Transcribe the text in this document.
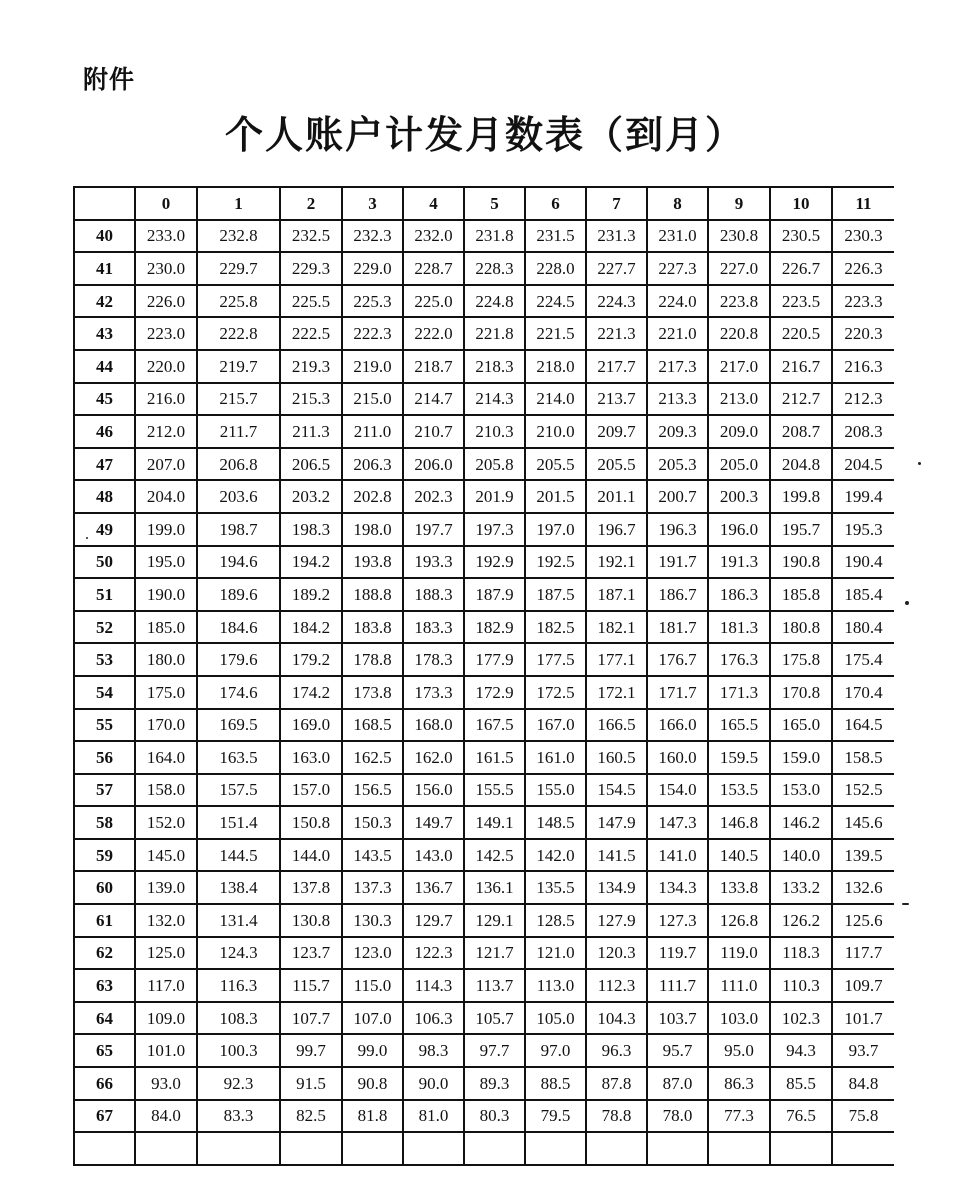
附件
个人账户计发月数表（到月）
	0	1	2	3	4	5	6	7	8	9	10	11
40	233.0	232.8	232.5	232.3	232.0	231.8	231.5	231.3	231.0	230.8	230.5	230.3
41	230.0	229.7	229.3	229.0	228.7	228.3	228.0	227.7	227.3	227.0	226.7	226.3
42	226.0	225.8	225.5	225.3	225.0	224.8	224.5	224.3	224.0	223.8	223.5	223.3
43	223.0	222.8	222.5	222.3	222.0	221.8	221.5	221.3	221.0	220.8	220.5	220.3
44	220.0	219.7	219.3	219.0	218.7	218.3	218.0	217.7	217.3	217.0	216.7	216.3
45	216.0	215.7	215.3	215.0	214.7	214.3	214.0	213.7	213.3	213.0	212.7	212.3
46	212.0	211.7	211.3	211.0	210.7	210.3	210.0	209.7	209.3	209.0	208.7	208.3
47	207.0	206.8	206.5	206.3	206.0	205.8	205.5	205.5	205.3	205.0	204.8	204.5
48	204.0	203.6	203.2	202.8	202.3	201.9	201.5	201.1	200.7	200.3	199.8	199.4
49	199.0	198.7	198.3	198.0	197.7	197.3	197.0	196.7	196.3	196.0	195.7	195.3
50	195.0	194.6	194.2	193.8	193.3	192.9	192.5	192.1	191.7	191.3	190.8	190.4
51	190.0	189.6	189.2	188.8	188.3	187.9	187.5	187.1	186.7	186.3	185.8	185.4
52	185.0	184.6	184.2	183.8	183.3	182.9	182.5	182.1	181.7	181.3	180.8	180.4
53	180.0	179.6	179.2	178.8	178.3	177.9	177.5	177.1	176.7	176.3	175.8	175.4
54	175.0	174.6	174.2	173.8	173.3	172.9	172.5	172.1	171.7	171.3	170.8	170.4
55	170.0	169.5	169.0	168.5	168.0	167.5	167.0	166.5	166.0	165.5	165.0	164.5
56	164.0	163.5	163.0	162.5	162.0	161.5	161.0	160.5	160.0	159.5	159.0	158.5
57	158.0	157.5	157.0	156.5	156.0	155.5	155.0	154.5	154.0	153.5	153.0	152.5
58	152.0	151.4	150.8	150.3	149.7	149.1	148.5	147.9	147.3	146.8	146.2	145.6
59	145.0	144.5	144.0	143.5	143.0	142.5	142.0	141.5	141.0	140.5	140.0	139.5
60	139.0	138.4	137.8	137.3	136.7	136.1	135.5	134.9	134.3	133.8	133.2	132.6
61	132.0	131.4	130.8	130.3	129.7	129.1	128.5	127.9	127.3	126.8	126.2	125.6
62	125.0	124.3	123.7	123.0	122.3	121.7	121.0	120.3	119.7	119.0	118.3	117.7
63	117.0	116.3	115.7	115.0	114.3	113.7	113.0	112.3	111.7	111.0	110.3	109.7
64	109.0	108.3	107.7	107.0	106.3	105.7	105.0	104.3	103.7	103.0	102.3	101.7
65	101.0	100.3	99.7	99.0	98.3	97.7	97.0	96.3	95.7	95.0	94.3	93.7
66	93.0	92.3	91.5	90.8	90.0	89.3	88.5	87.8	87.0	86.3	85.5	84.8
67	84.0	83.3	82.5	81.8	81.0	80.3	79.5	78.8	78.0	77.3	76.5	75.8
